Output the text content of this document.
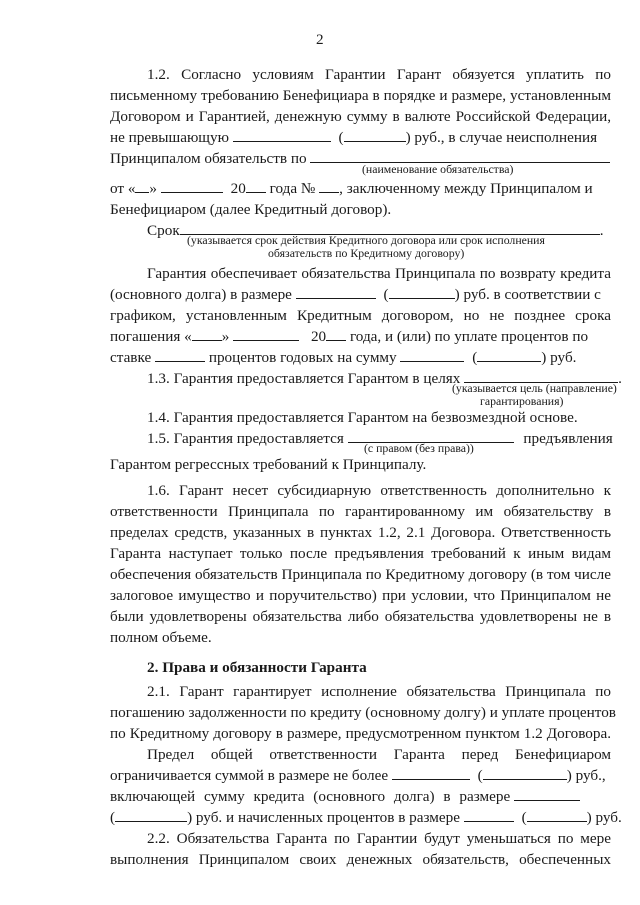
2
1.2. Согласно условиям Гарантии Гарант обязуется уплатить по
письменному требованию Бенефициара в порядке и размере, установленным
Договором и Гарантией, денежную сумму в валюте Российской Федерации,
не превышающую	(	) руб., в случае неисполнения
Принципалом обязательств по
(наименование обязательства)
от « »	20 года № , заключенному между Принципалом и
Бенефициаром (далее Кредитный договор).
Срок	.
(указывается срок действия Кредитного договора или срок исполнения
обязательств по Кредитному договору)
Гарантия обеспечивает обязательства Принципала по возврату кредита
(основного долга) в размере	(	) руб. в соответствии с
графиком, установленным Кредитным договором, но не позднее срока
погашения « »	20 года, и (или) по уплате процентов по
ставке	процентов годовых на сумму	(	) руб.
1.3. Гарантия предоставляется Гарантом в целях	.
(указывается цель (направление)
гарантирования)
1.4. Гарантия предоставляется Гарантом на безвозмездной основе.
1.5. Гарантия предоставляется	предъявления
(с правом (без права))
Гарантом регрессных требований к Принципалу.
1.6. Гарант несет субсидиарную ответственность дополнительно к
ответственности Принципала по гарантированному им обязательству в
пределах средств, указанных в пунктах 1.2, 2.1 Договора. Ответственность
Гаранта наступает только после предъявления требований к иным видам
обеспечения обязательств Принципала по Кредитному договору (в том числе
залоговое имущество и поручительство) при условии, что Принципалом не
были удовлетворены обязательства либо обязательства удовлетворены не в
полном объеме.
2. Права и обязанности Гаранта
2.1. Гарант гарантирует исполнение обязательства Принципала по
погашению задолженности по кредиту (основному долгу) и уплате процентов
по Кредитному договору в размере, предусмотренном пунктом 1.2 Договора.
Предел общей ответственности Гаранта перед Бенефициаром
ограничивается суммой в размере не более	(	) руб.,
включающей сумму кредита (основного долга) в размере
(	) руб. и начисленных процентов в размере	(	) руб.
2.2. Обязательства Гаранта по Гарантии будут уменьшаться по мере
выполнения Принципалом своих денежных обязательств, обеспеченных
